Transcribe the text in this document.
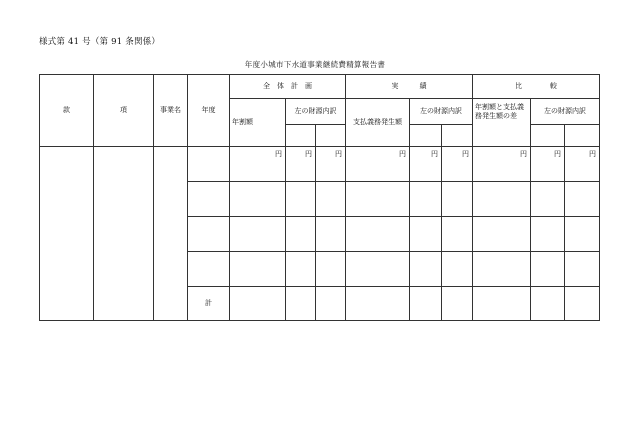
様式第 41 号（第 91 条関係）
年度小城市下水道事業継続費精算報告書
款	項	事業名	年度	全　体　計　画			実　　　績			比　　　　較		
				年割額	左の財源内訳		支払義務発生額	左の財源内訳		年割額と支払義務発生額の差	左の財源内訳	

				円	円	円	円	円	円	円	円	円

			計									
